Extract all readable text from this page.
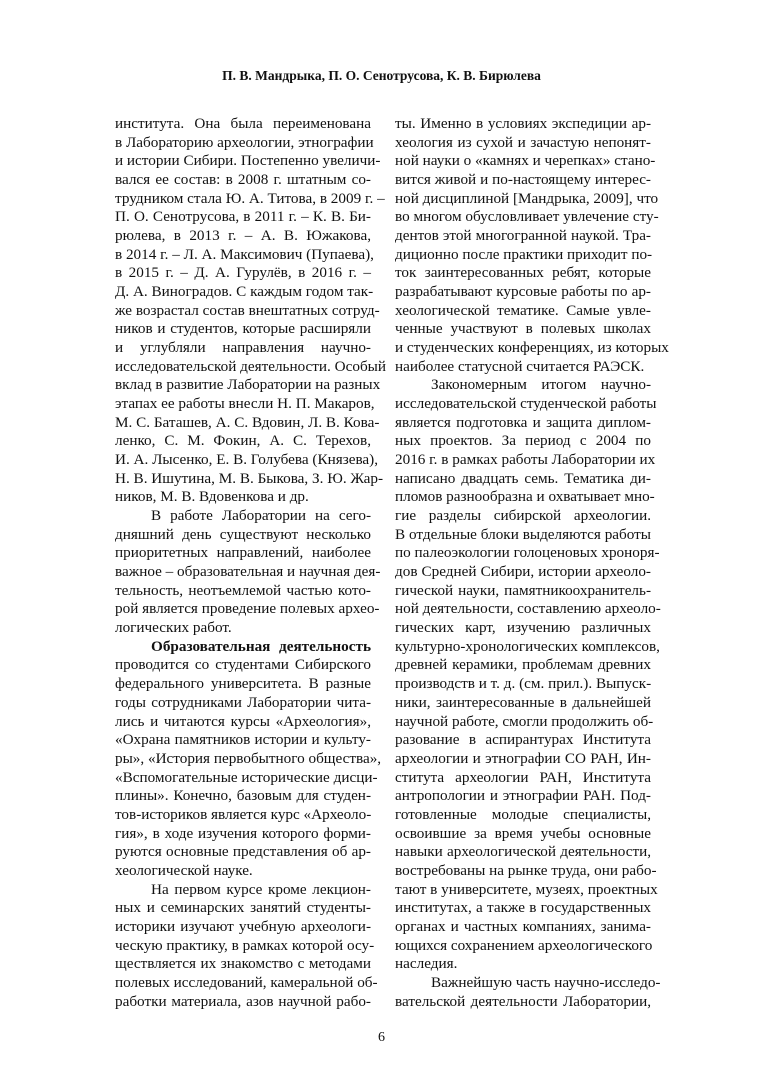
П. В. Мандрыка, П. О. Сенотрусова, К. В. Бирюлева
института. Она была переименована
в Лабораторию археологии, этнографии
и истории Сибири. Постепенно увеличи-
вался ее состав: в 2008 г. штатным со-
трудником стала Ю. А. Титова, в 2009 г. –
П. О. Сенотрусова, в 2011 г. – К. В. Би-
рюлева, в 2013 г. – А. В. Южакова,
в 2014 г. – Л. А. Максимович (Пупаева),
в 2015 г. – Д. А. Гурулёв, в 2016 г. –
Д. А. Виноградов. С каждым годом так-
же возрастал состав внештатных сотруд-
ников и студентов, которые расширяли
и углубляли направления научно-
исследовательской деятельности. Особый
вклад в развитие Лаборатории на разных
этапах ее работы внесли Н. П. Макаров,
М. С. Баташев, А. С. Вдовин, Л. В. Кова-
ленко, С. М. Фокин, А. С. Терехов,
И. А. Лысенко, Е. В. Голубева (Князева),
Н. В. Ишутина, М. В. Быкова, З. Ю. Жар-
ников, М. В. Вдовенкова и др.
В работе Лаборатории на сего-
дняшний день существуют несколько
приоритетных направлений, наиболее
важное – образовательная и научная дея-
тельность, неотъемлемой частью кото-
рой является проведение полевых архео-
логических работ.
Образовательная деятельность
проводится со студентами Сибирского
федерального университета. В разные
годы сотрудниками Лаборатории чита-
лись и читаются курсы «Археология»,
«Охрана памятников истории и культу-
ры», «История первобытного общества»,
«Вспомогательные исторические дисци-
плины». Конечно, базовым для студен-
тов-историков является курс «Археоло-
гия», в ходе изучения которого форми-
руются основные представления об ар-
хеологической науке.
На первом курсе кроме лекцион-
ных и семинарских занятий студенты-
историки изучают учебную археологи-
ческую практику, в рамках которой осу-
ществляется их знакомство с методами
полевых исследований, камеральной об-
работки материала, азов научной рабо-
ты. Именно в условиях экспедиции ар-
хеология из сухой и зачастую непонят-
ной науки о «камнях и черепках» стано-
вится живой и по-настоящему интерес-
ной дисциплиной [Мандрыка, 2009], что
во многом обусловливает увлечение сту-
дентов этой многогранной наукой. Тра-
диционно после практики приходит по-
ток заинтересованных ребят, которые
разрабатывают курсовые работы по ар-
хеологической тематике. Самые увле-
ченные участвуют в полевых школах
и студенческих конференциях, из которых
наиболее статусной считается РАЭСК.
Закономерным итогом научно-
исследовательской студенческой работы
является подготовка и защита диплом-
ных проектов. За период с 2004 по
2016 г. в рамках работы Лаборатории их
написано двадцать семь. Тематика ди-
пломов разнообразна и охватывает мно-
гие разделы сибирской археологии.
В отдельные блоки выделяются работы
по палеоэкологии голоценовых хроноря-
дов Средней Сибири, истории археоло-
гической науки, памятникоохранитель-
ной деятельности, составлению археоло-
гических карт, изучению различных
культурно-хронологических комплексов,
древней керамики, проблемам древних
производств и т. д. (см. прил.). Выпуск-
ники, заинтересованные в дальнейшей
научной работе, смогли продолжить об-
разование в аспирантурах Института
археологии и этнографии СО РАН, Ин-
ститута археологии РАН, Института
антропологии и этнографии РАН. Под-
готовленные молодые специалисты,
освоившие за время учебы основные
навыки археологической деятельности,
востребованы на рынке труда, они рабо-
тают в университете, музеях, проектных
институтах, а также в государственных
органах и частных компаниях, занима-
ющихся сохранением археологического
наследия.
Важнейшую часть научно-исследо-
вательской деятельности Лаборатории,
6
